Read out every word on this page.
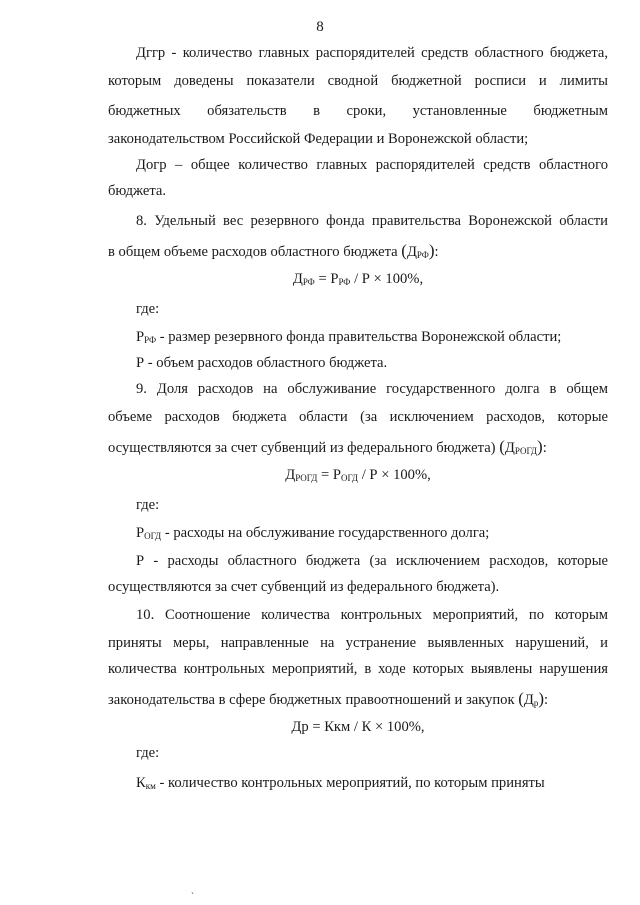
8
Дггр - количество главных распорядителей средств областного бюджета,
которым доведены показатели сводной бюджетной росписи и лимиты
бюджетных обязательств в сроки, установленные бюджетным
законодательством Российской Федерации и Воронежской области;
Догр – общее количество главных распорядителей средств областного
бюджета.
8. Удельный вес резервного фонда правительства Воронежской области
в общем объеме расходов областного бюджета $(Д_{РФ})$:
$Д_{РФ} = Р_{РФ} / Р \times 100\%$,
где:
$Р_{РФ}$ - размер резервного фонда правительства Воронежской области;
Р - объем расходов областного бюджета.
9. Доля расходов на обслуживание государственного долга в общем
объеме расходов бюджета области (за исключением расходов, которые
осуществляются за счет субвенций из федерального бюджета) $(Д_{РОГД})$:
$Д_{РОГД} = Р_{ОГД} / Р \times 100\%$,
где:
$Р_{ОГД}$ - расходы на обслуживание государственного долга;
Р - расходы областного бюджета (за исключением расходов, которые
осуществляются за счет субвенций из федерального бюджета).
10. Соотношение количества контрольных мероприятий, по которым
приняты меры, направленные на устранение выявленных нарушений, и
количества контрольных мероприятий, в ходе которых выявлены нарушения
законодательства в сфере бюджетных правоотношений и закупок $(Д_р)$:
Др = Ккм / К × 100%,
где:
$К_{км}$ - количество контрольных мероприятий, по которым приняты
ˏ
